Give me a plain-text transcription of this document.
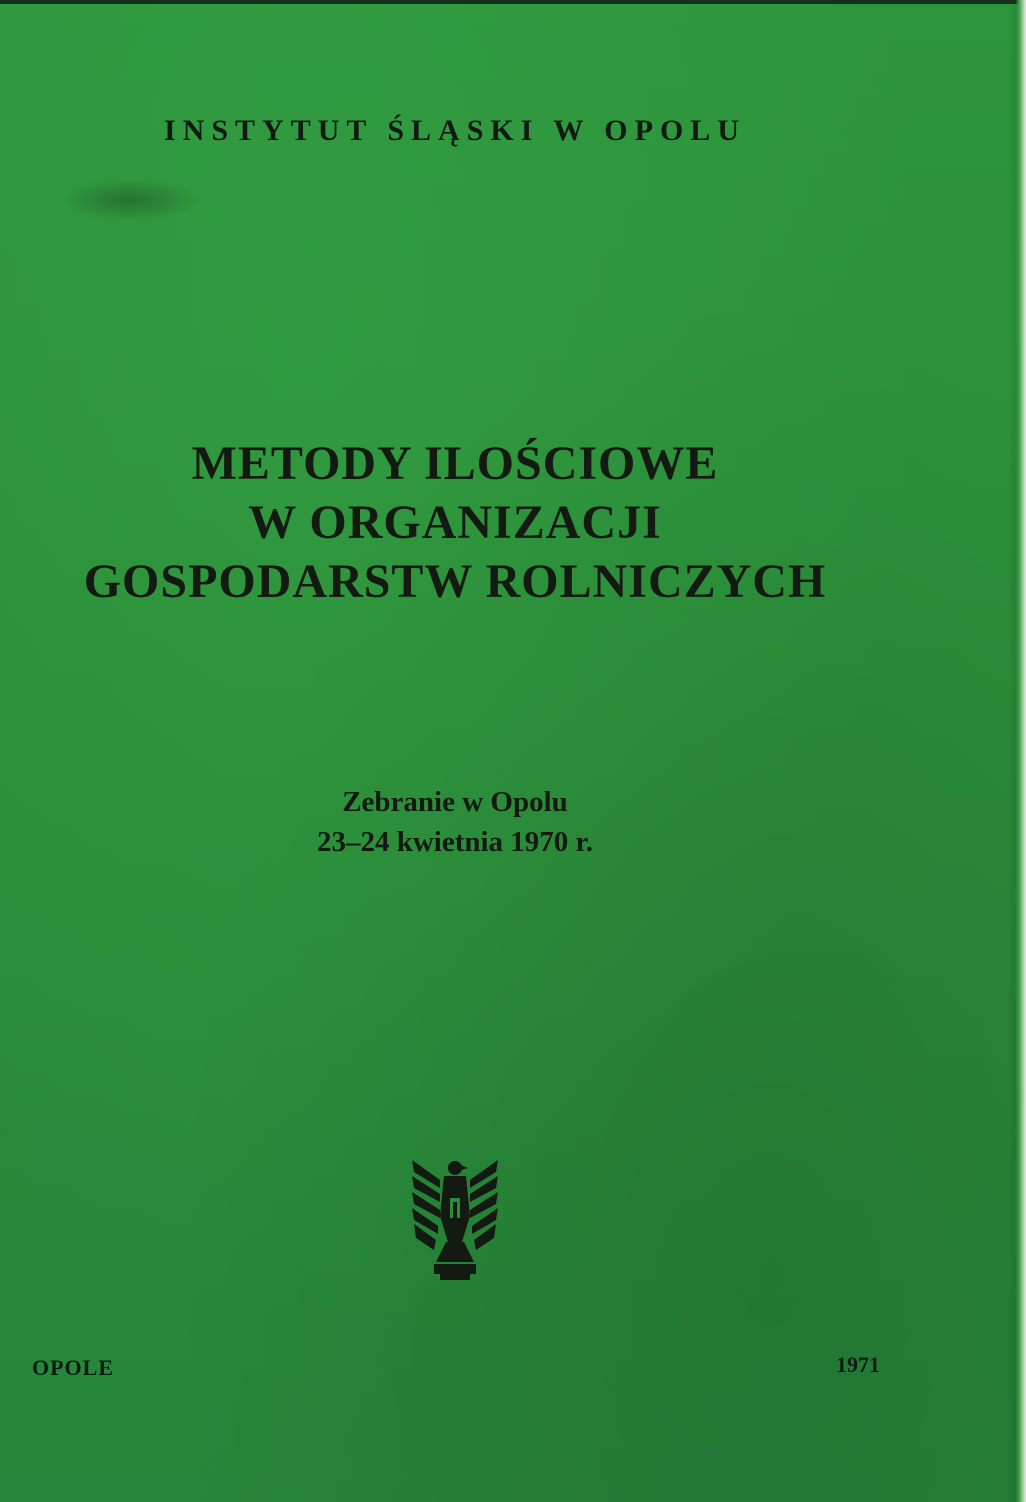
INSTYTUT ŚLĄSKI W OPOLU
METODY ILOŚCIOWE
W ORGANIZACJI
GOSPODARSTW ROLNICZYCH
Zebranie w Opolu
23–24 kwietnia 1970 r.
OPOLE	1971
